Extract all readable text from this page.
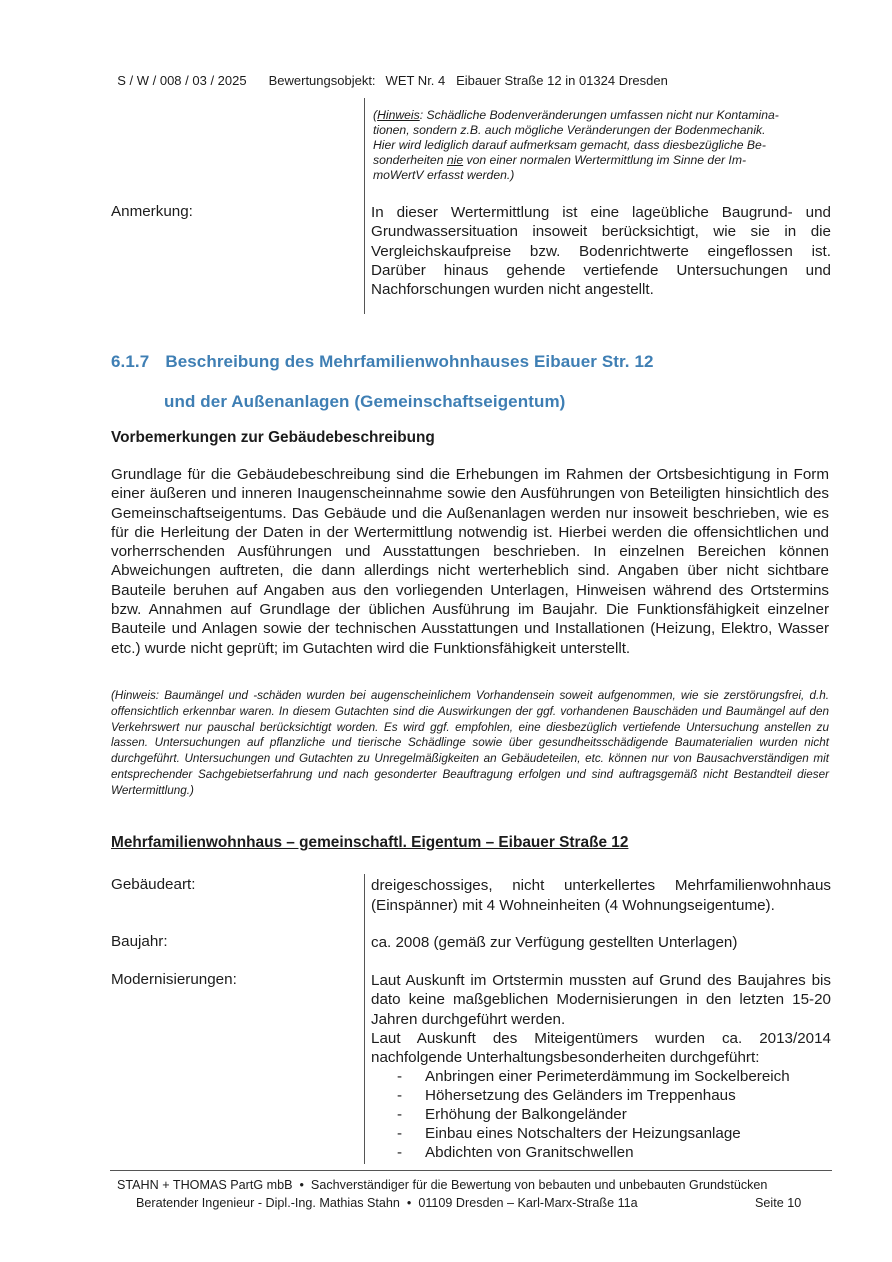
S / W / 008 / 03 / 2025 Bewertungsobjekt: WET Nr. 4   Eibauer Straße 12 in 01324 Dresden

(Hinweis: Schädliche Bodenveränderungen umfassen nicht nur Kontamina-
tionen, sondern z.B. auch mögliche Veränderungen der Bodenmechanik.
Hier wird lediglich darauf aufmerksam gemacht, dass diesbezügliche Be-
sonderheiten nie von einer normalen Wertermittlung im Sinne der Im-
moWertV erfasst werden.)
Anmerkung:	In dieser Wertermittlung ist eine lageübliche Baugrund- und Grundwassersituation insoweit berücksichtigt, wie sie in die Vergleichskaufpreise bzw. Bodenrichtwerte eingeflossen ist. Darüber hinaus gehende vertiefende Untersuchungen und Nachforschungen wurden nicht angestellt.
6.1.7 Beschreibung des Mehrfamilienwohnhauses Eibauer Str. 12
und der Außenanlagen (Gemeinschaftseigentum)
Vorbemerkungen zur Gebäudebeschreibung
Grundlage für die Gebäudebeschreibung sind die Erhebungen im Rahmen der Ortsbesichtigung in Form einer äußeren und inneren Inaugenscheinnahme sowie den Ausführungen von Beteiligten hinsichtlich des Gemeinschaftseigentums. Das Gebäude und die Außenanlagen werden nur insoweit beschrieben, wie es für die Herleitung der Daten in der Wertermittlung notwendig ist. Hierbei werden die offensichtlichen und vorherrschenden Ausführungen und Ausstattungen beschrieben. In einzelnen Bereichen können Abweichungen auftreten, die dann allerdings nicht werterheblich sind. Angaben über nicht sichtbare Bauteile beruhen auf Angaben aus den vorliegenden Unterlagen, Hinweisen während des Ortstermins bzw. Annahmen auf Grundlage der üblichen Ausführung im Baujahr. Die Funktionsfähigkeit einzelner Bauteile und Anlagen sowie der technischen Ausstattungen und Installationen (Heizung, Elektro, Wasser etc.) wurde nicht geprüft; im Gutachten wird die Funktionsfähigkeit unterstellt.
(Hinweis: Baumängel und -schäden wurden bei augenscheinlichem Vorhandensein soweit aufgenommen, wie sie zerstörungsfrei, d.h. offensichtlich erkennbar waren. In diesem Gutachten sind die Auswirkungen der ggf. vorhandenen Bauschäden und Baumängel auf den Verkehrswert nur pauschal berücksichtigt worden. Es wird ggf. empfohlen, eine diesbezüglich vertiefende Untersuchung anstellen zu lassen. Untersuchungen auf pflanzliche und tierische Schädlinge sowie über gesundheitsschädigende Baumaterialien wurden nicht durchgeführt. Untersuchungen und Gutachten zu Unregelmäßigkeiten an Gebäudeteilen, etc. können nur von Bausachverständigen mit entsprechender Sachgebietserfahrung und nach gesonderter Beauftragung erfolgen und sind auftragsgemäß nicht Bestandteil dieser Wertermittlung.)
Mehrfamilienwohnhaus – gemeinschaftl. Eigentum – Eibauer Straße 12
Gebäudeart:	dreigeschossiges, nicht unterkellertes Mehrfamilienwohnhaus (Einspänner) mit 4 Wohneinheiten (4 Wohnungseigentume).
Baujahr:	ca. 2008 (gemäß zur Verfügung gestellten Unterlagen)
Modernisierungen:	Laut Auskunft im Ortstermin mussten auf Grund des Baujahres bis dato keine maßgeblichen Modernisierungen in den letzten 15-20 Jahren durchgeführt werden.
Laut Auskunft des Miteigentümers wurden ca. 2013/2014 nachfolgende Unterhaltungsbesonderheiten durchgeführt:
- Anbringen einer Perimeterdämmung im Sockelbereich
- Höhersetzung des Geländers im Treppenhaus
- Erhöhung der Balkongeländer
- Einbau eines Notschalters der Heizungsanlage
- Abdichten von Granitschwellen
STAHN + THOMAS PartG mbB  •  Sachverständiger für die Bewertung von bebauten und unbebauten Grundstücken
Beratender Ingenieur - Dipl.-Ing. Mathias Stahn  •  01109 Dresden – Karl-Marx-Straße 11a	Seite 10
